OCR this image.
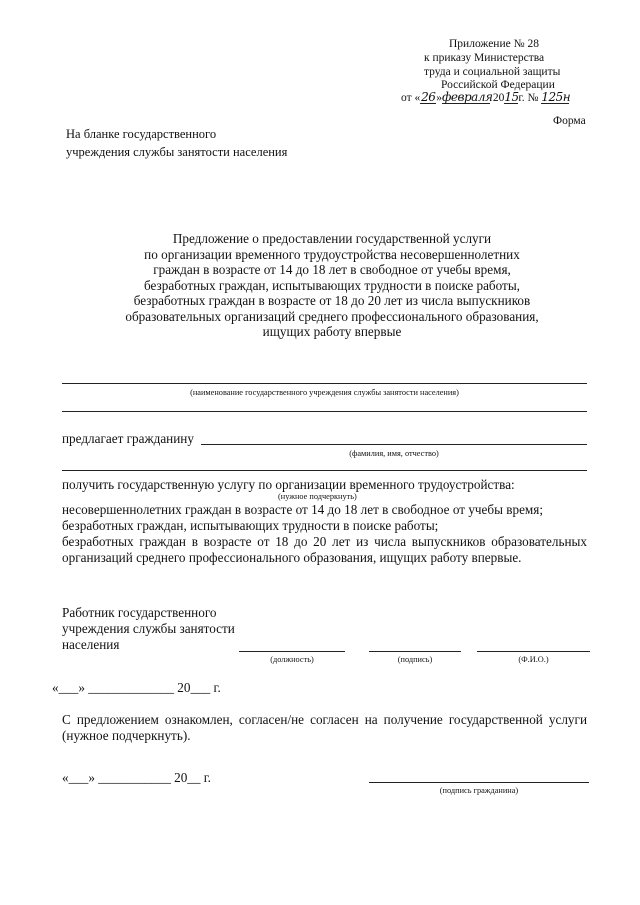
Приложение № 28
к приказу Министерства
труда и социальной защиты
Российской Федерации
от «26»февраля 2015г. № 125н
Форма
На бланке государственного
учреждения службы занятости населения
Предложение о предоставлении государственной услуги
по организации временного трудоустройства несовершеннолетних
граждан в возрасте от 14 до 18 лет в свободное от учебы время,
безработных граждан, испытывающих трудности в поиске работы,
безработных граждан в возрасте от 18 до 20 лет из числа выпускников
образовательных организаций среднего профессионального образования,
ищущих работу впервые
(наименование государственного учреждения службы занятости населения)
предлагает гражданину
(фамилия, имя, отчество)
получить государственную услугу по организации временного трудоустройства:
(нужное подчеркнуть)
несовершеннолетних граждан в возрасте от 14 до 18 лет в свободное от учебы время;
безработных граждан, испытывающих трудности в поиске работы;
безработных граждан в возрасте от 18 до 20 лет из числа выпускников образовательных
организаций среднего профессионального образования, ищущих работу впервые.
Работник государственного
учреждения службы занятости
населения
(должность)	(подпись)	(Ф.И.О.)
«___» _____________ 20___ г.
С предложением ознакомлен, согласен/не согласен на получение государственной услуги
(нужное подчеркнуть).
«___» ___________ 20__ г.
(подпись гражданина)
